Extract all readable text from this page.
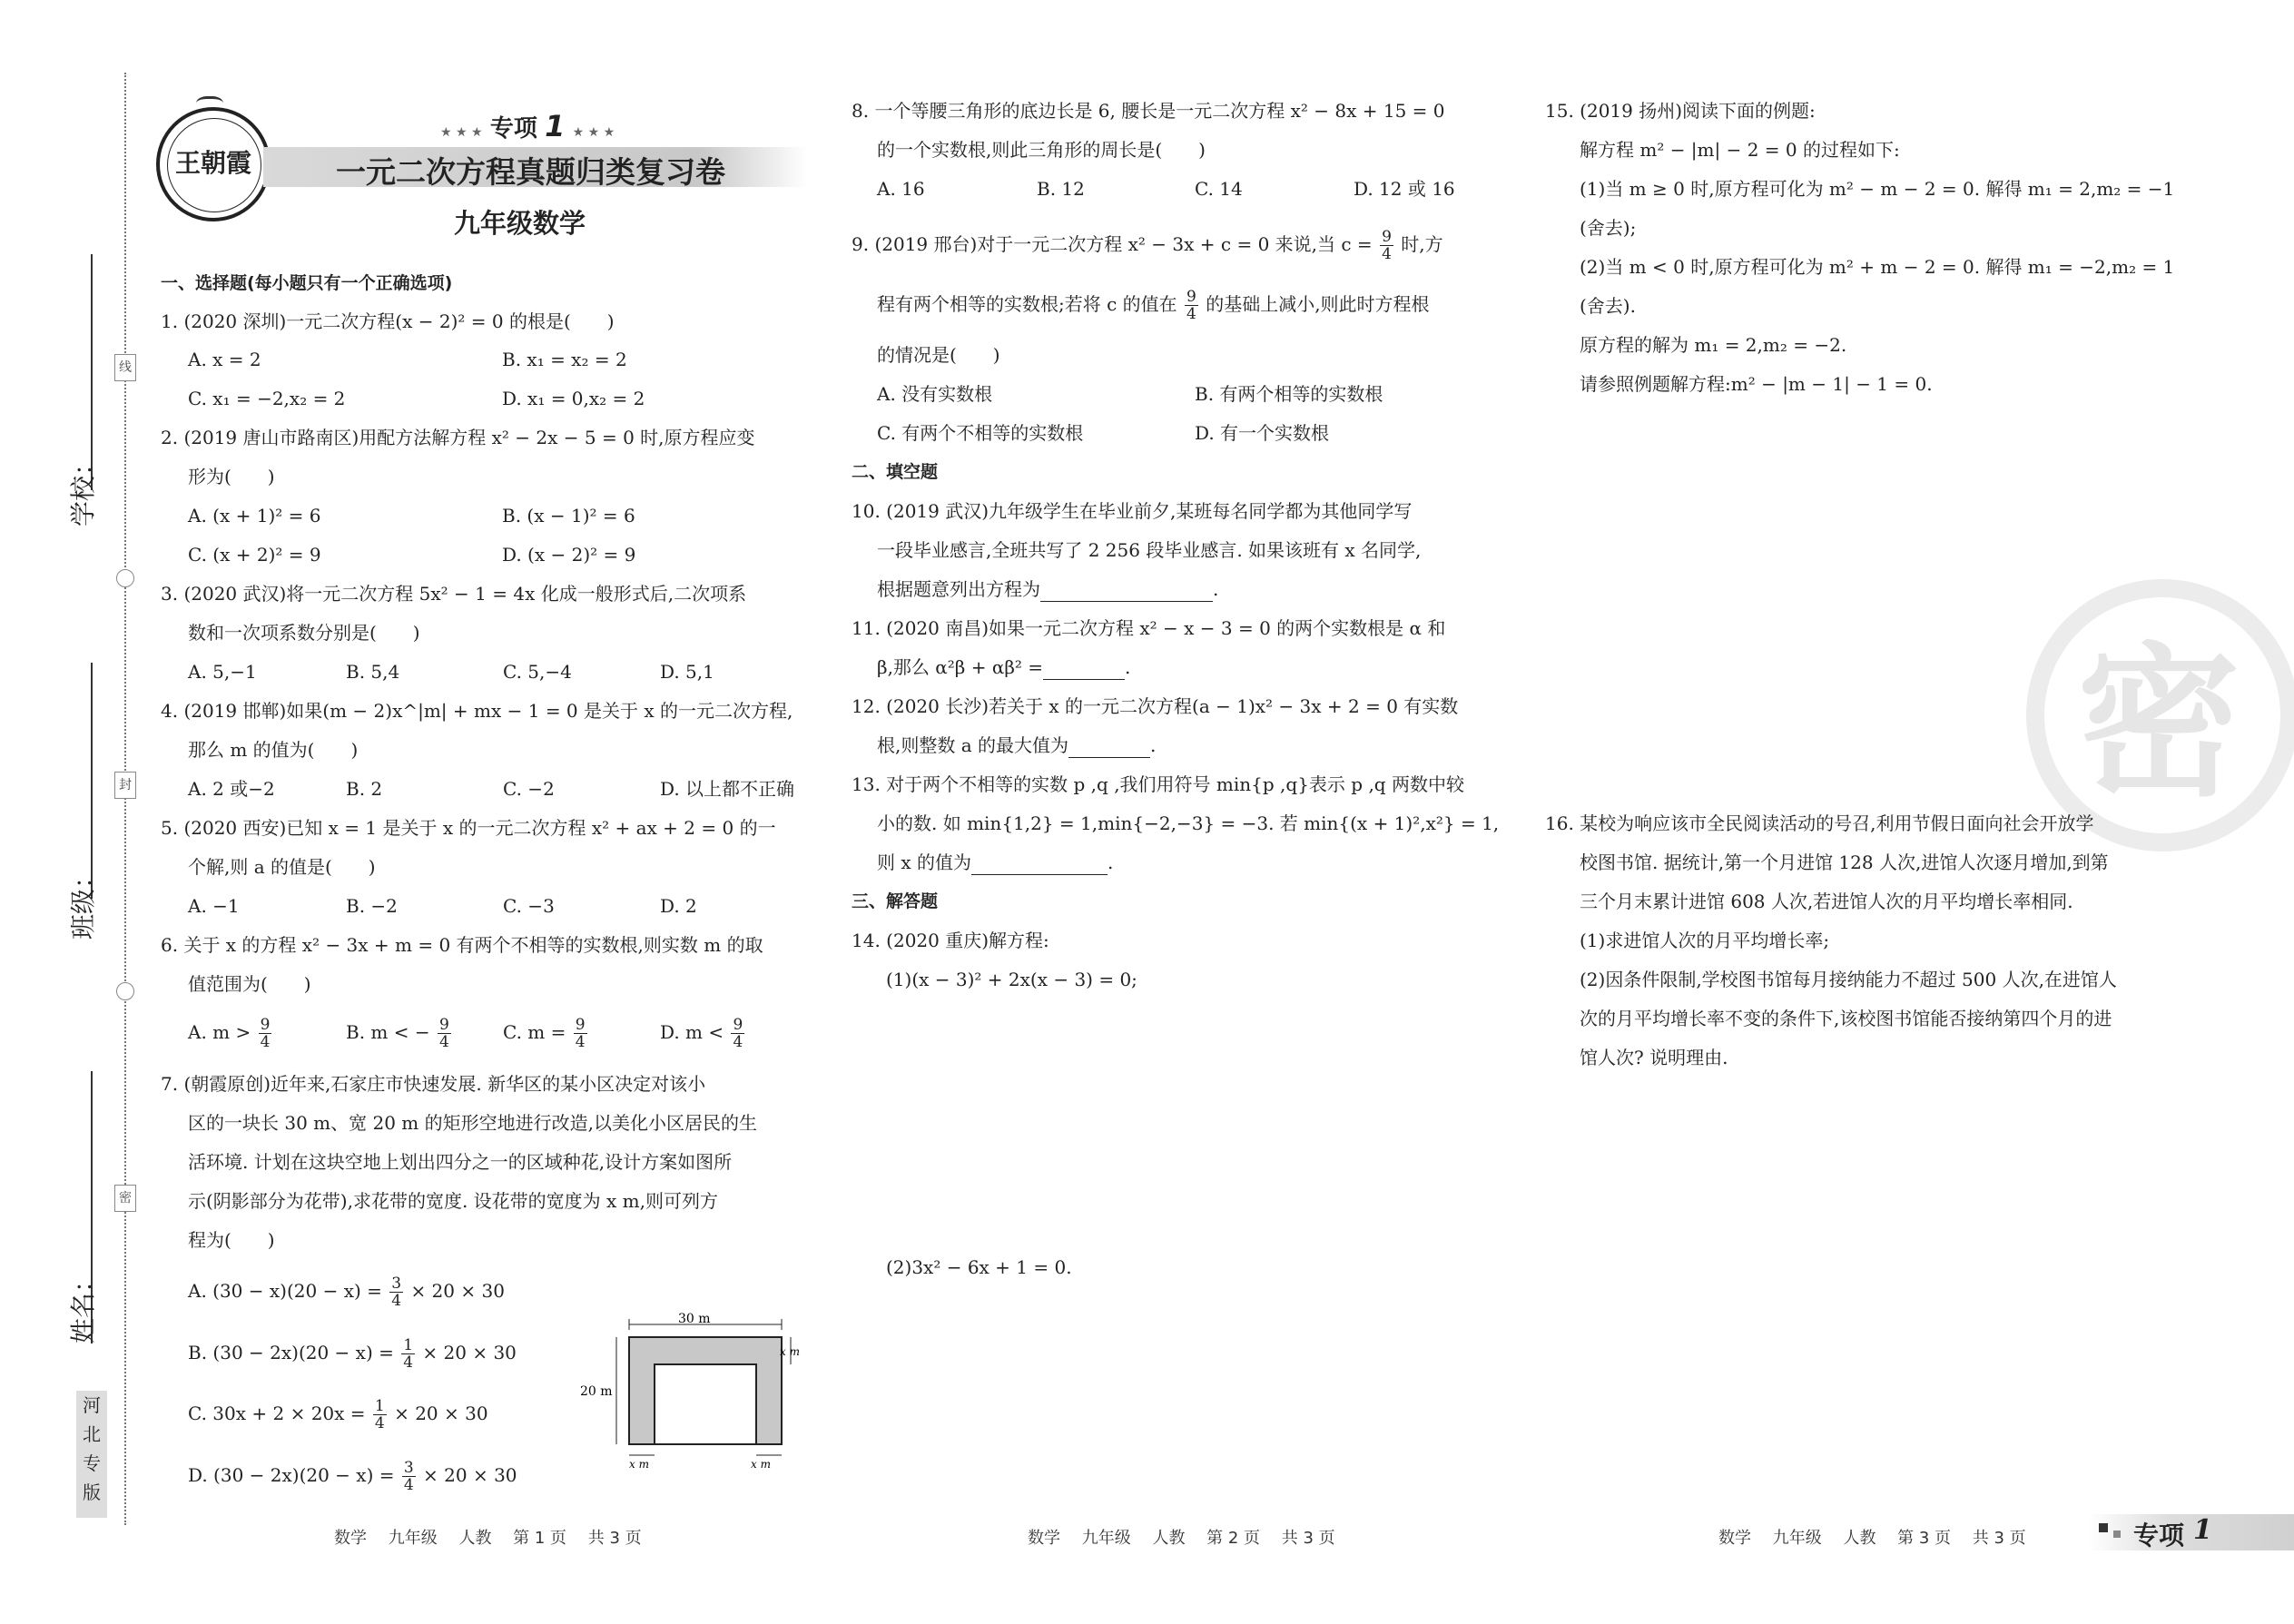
学校：
班级：
姓名：
线
封
密
河
北
专
版
王朝霞
★ ★ ★ 专项 1 ★ ★ ★
一元二次方程真题归类复习卷
九年级数学
一、选择题(每小题只有一个正确选项)
1. (2020 深圳)一元二次方程(x − 2)² = 0 的根是(　　)
A. x = 2	B. x₁ = x₂ = 2
C. x₁ = −2,x₂ = 2	D. x₁ = 0,x₂ = 2
2. (2019 唐山市路南区)用配方法解方程 x² − 2x − 5 = 0 时,原方程应变
形为(　　)
A. (x + 1)² = 6	B. (x − 1)² = 6
C. (x + 2)² = 9	D. (x − 2)² = 9
3. (2020 武汉)将一元二次方程 5x² − 1 = 4x 化成一般形式后,二次项系
数和一次项系数分别是(　　)
A. 5,−1	B. 5,4	C. 5,−4	D. 5,1
4. (2019 邯郸)如果(m − 2)x^|m| + mx − 1 = 0 是关于 x 的一元二次方程,
那么 m 的值为(　　)
A. 2 或−2	B. 2	C. −2	D. 以上都不正确
5. (2020 西安)已知 x = 1 是关于 x 的一元二次方程 x² + ax + 2 = 0 的一
个解,则 a 的值是(　　)
A. −1	B. −2	C. −3	D. 2
6. 关于 x 的方程 x² − 3x + m = 0 有两个不相等的实数根,则实数 m 的取
值范围为(　　)
A. $m > \frac{9}{4}$	B. m < − $\frac{9}{4}$	C. $m = \frac{9}{4}$	D. $m < \frac{9}{4}$
7. (朝霞原创)近年来,石家庄市快速发展. 新华区的某小区决定对该小
区的一块长 30 m、宽 20 m 的矩形空地进行改造,以美化小区居民的生
活环境. 计划在这块空地上划出四分之一的区域种花,设计方案如图所
示(阴影部分为花带),求花带的宽度. 设花带的宽度为 x m,则可列方
程为(　　)
A. $(30 - x)(20 - x) = \frac{3}{4} \times 20 \times 30$
B. $(30 - 2x)(20 - x) = \frac{1}{4} \times 20 \times 30$
C. $30x + 2 \times 20x = \frac{1}{4} \times 20 \times 30$
D. $(30 - 2x)(20 - x) = \frac{3}{4} \times 20 \times 30$
30 m
20 m
x m
x m	x m
8. 一个等腰三角形的底边长是 6, 腰长是一元二次方程 x² − 8x + 15 = 0
的一个实数根,则此三角形的周长是(　　)
A. 16	B. 12	C. 14	D. 12 或 16
9. (2019 邢台)对于一元二次方程 x² − 3x + c = 0 来说,当 $c = \frac{9}{4}$ 时,方
程有两个相等的实数根;若将 c 的值在 $\frac{9}{4}$ 的基础上减小,则此时方程根
的情况是(　　)
A. 没有实数根	B. 有两个相等的实数根
C. 有两个不相等的实数根	D. 有一个实数根
二、填空题
10. (2019 武汉)九年级学生在毕业前夕,某班每名同学都为其他同学写
一段毕业感言,全班共写了 2 256 段毕业感言. 如果该班有 x 名同学,
根据题意列出方程为	.
11. (2020 南昌)如果一元二次方程 x² − x − 3 = 0 的两个实数根是 α 和
β,那么 α²β + αβ² =	.
12. (2020 长沙)若关于 x 的一元二次方程(a − 1)x² − 3x + 2 = 0 有实数
根,则整数 a 的最大值为	.
13. 对于两个不相等的实数 p ,q ,我们用符号 min{p ,q}表示 p ,q 两数中较
小的数. 如 min{1,2} = 1,min{−2,−3} = −3. 若 min{(x + 1)²,x²} = 1,
则 x 的值为	.
三、解答题
14. (2020 重庆)解方程:
(1)(x − 3)² + 2x(x − 3) = 0;
(2)3x² − 6x + 1 = 0.
密
15. (2019 扬州)阅读下面的例题:
解方程 m² − |m| − 2 = 0 的过程如下:
(1)当 m ≥ 0 时,原方程可化为 m² − m − 2 = 0. 解得 m₁ = 2,m₂ = −1
(舍去);
(2)当 m < 0 时,原方程可化为 m² + m − 2 = 0. 解得 m₁ = −2,m₂ = 1
(舍去).
原方程的解为 m₁ = 2,m₂ = −2.
请参照例题解方程:m² − |m − 1| − 1 = 0.
16. 某校为响应该市全民阅读活动的号召,利用节假日面向社会开放学
校图书馆. 据统计,第一个月进馆 128 人次,进馆人次逐月增加,到第
三个月末累计进馆 608 人次,若进馆人次的月平均增长率相同.
(1)求进馆人次的月平均增长率;
(2)因条件限制,学校图书馆每月接纳能力不超过 500 人次,在进馆人
次的月平均增长率不变的条件下,该校图书馆能否接纳第四个月的进
馆人次? 说明理由.
数学　 九年级　 人教　 第 1 页　 共 3 页	数学　 九年级　 人教　 第 2 页　 共 3 页	数学　 九年级　 人教　 第 3 页　 共 3 页	专项 1
